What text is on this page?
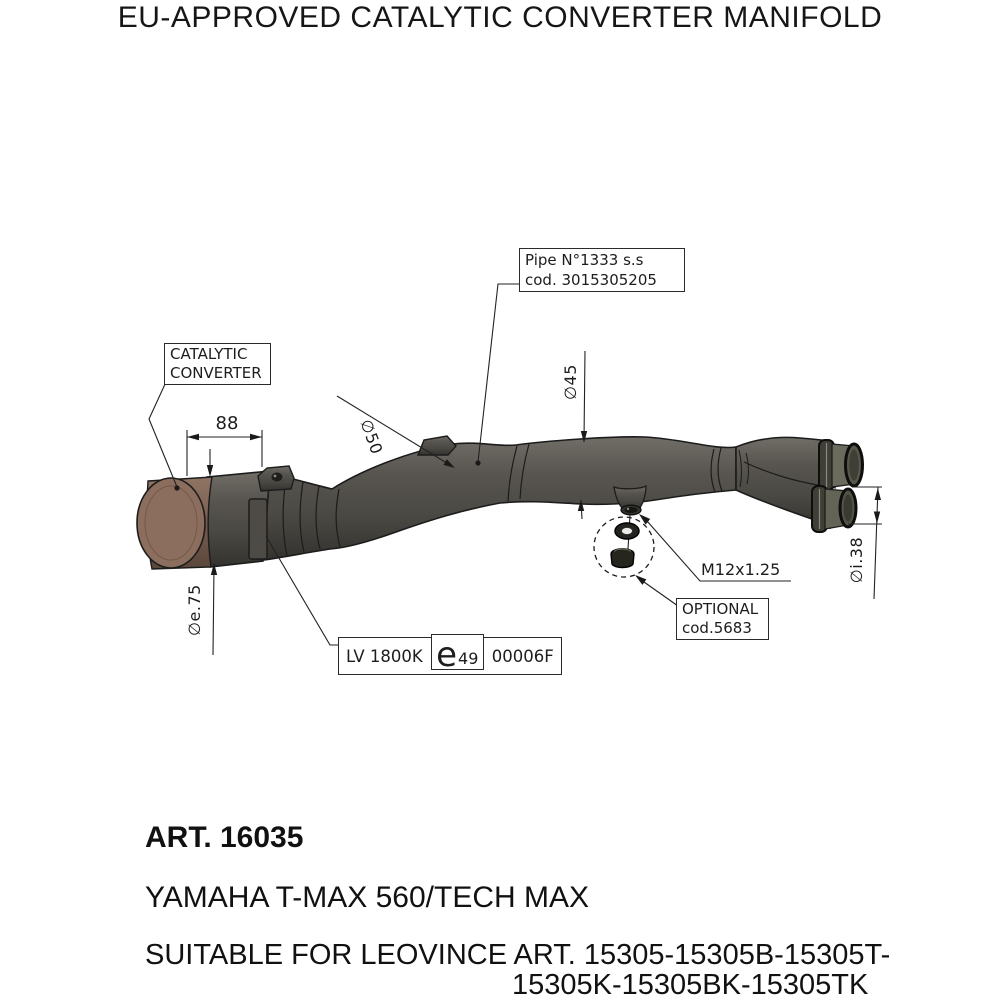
EU-APPROVED CATALYTIC CONVERTER MANIFOLD
Pipe N°1333 s.s
cod. 3015305205
CATALYTIC
CONVERTER
OPTIONAL
cod.5683
88	∅50
∅45
∅e.75
∅i.38
M12x1.25
LV 1800K e 49 00006F
ART. 16035
YAMAHA T-MAX 560/TECH MAX
SUITABLE FOR LEOVINCE ART. 15305-15305B-15305T-
15305K-15305BK-15305TK
